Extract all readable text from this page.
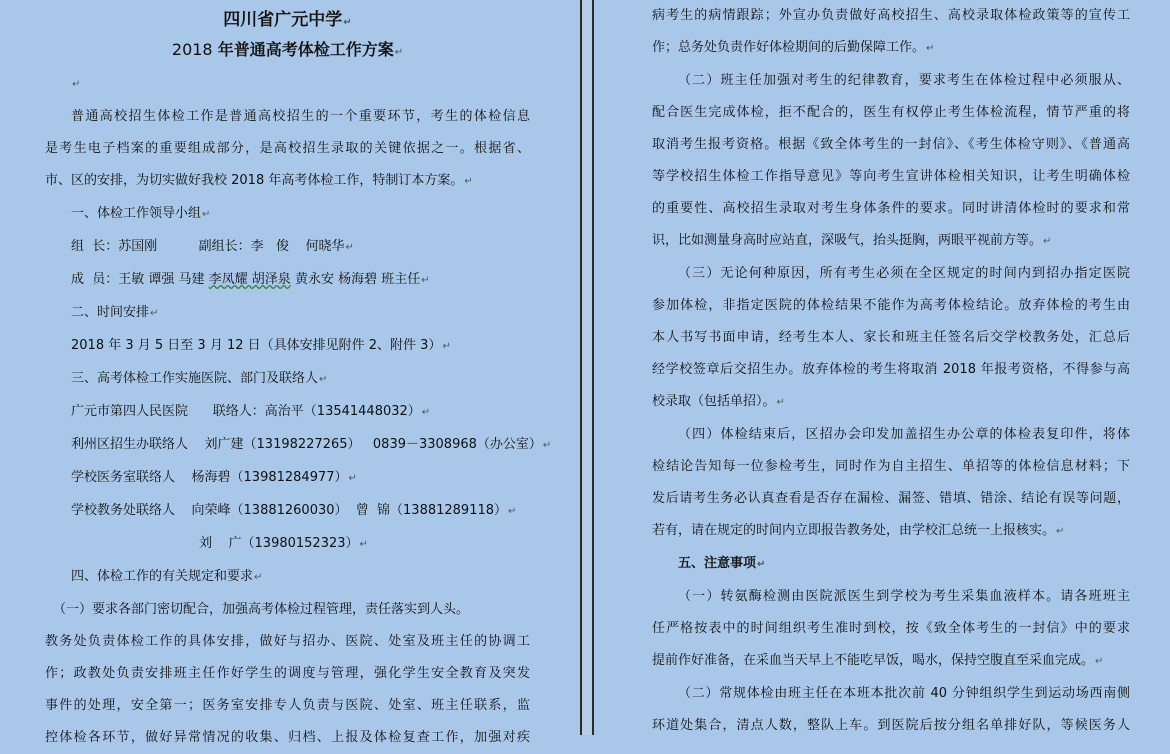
四川省广元中学↵

2018 年普通高考体检工作方案↵

↵

普通高校招生体检工作是普通高校招生的一个重要环节，考生的体检信息

是考生电子档案的重要组成部分，是高校招生录取的关键依据之一。根据省、

市、区的安排，为切实做好我校 2018 年高考体检工作，特制订本方案。↵

一、体检工作领导小组↵

组  长：苏国刚          副组长：李   俊    何晓华↵

成  员：王敏 谭强 马建 李凤耀 胡泽泉 黄永安 杨海碧 班主任↵

二、时间安排↵

2018 年 3 月 5 日至 3 月 12 日（具体安排见附件 2、附件 3）↵

三、高考体检工作实施医院、部门及联络人↵

广元市第四人民医院      联络人：高治平（13541448032）↵

利州区招生办联络人    刘广建（13198227265）   0839－3308968（办公室）↵

学校医务室联络人    杨海碧（13981284977）↵

学校教务处联络人    向荣峰（13881260030）  曾  锦（13881289118）↵

刘    广（13980152323）↵

四、体检工作的有关规定和要求↵

（一）要求各部门密切配合，加强高考体检过程管理，责任落实到人头。

教务处负责体检工作的具体安排，做好与招办、医院、处室及班主任的协调工

作；政教处负责安排班主任作好学生的调度与管理，强化学生安全教育及突发

事件的处理，安全第一；医务室安排专人负责与医院、处室、班主任联系，监

控体检各环节，做好异常情况的收集、归档、上报及体检复查工作，加强对疾

病考生的病情跟踪；外宣办负责做好高校招生、高校录取体检政策等的宣传工

作；总务处负责作好体检期间的后勤保障工作。↵

（二）班主任加强对考生的纪律教育，要求考生在体检过程中必须服从、

配合医生完成体检，拒不配合的，医生有权停止考生体检流程，情节严重的将

取消考生报考资格。根据《致全体考生的一封信》、《考生体检守则》、《普通高

等学校招生体检工作指导意见》等向考生宣讲体检相关知识，让考生明确体检

的重要性、高校招生录取对考生身体条件的要求。同时讲清体检时的要求和常

识，比如测量身高时应站直，深吸气，抬头挺胸，两眼平视前方等。↵

（三）无论何种原因，所有考生必须在全区规定的时间内到招办指定医院

参加体检，非指定医院的体检结果不能作为高考体检结论。放弃体检的考生由

本人书写书面申请，经考生本人、家长和班主任签名后交学校教务处，汇总后

经学校签章后交招生办。放弃体检的考生将取消 2018 年报考资格，不得参与高

校录取（包括单招）。↵

（四）体检结束后，区招办会印发加盖招生办公章的体检表复印件，将体

检结论告知每一位参检考生，同时作为自主招生、单招等的体检信息材料；下

发后请考生务必认真查看是否存在漏检、漏签、错填、错涂、结论有误等问题，

若有，请在规定的时间内立即报告教务处，由学校汇总统一上报核实。↵

五、注意事项↵

（一）转氨酶检测由医院派医生到学校为考生采集血液样本。请各班班主

任严格按表中的时间组织考生准时到校，按《致全体考生的一封信》中的要求

提前作好准备，在采血当天早上不能吃早饭，喝水，保持空腹直至采血完成。↵

（二）常规体检由班主任在本班本批次前 40 分钟组织学生到运动场西南侧

环道处集合，清点人数，整队上车。到医院后按分组名单排好队，等候医务人
